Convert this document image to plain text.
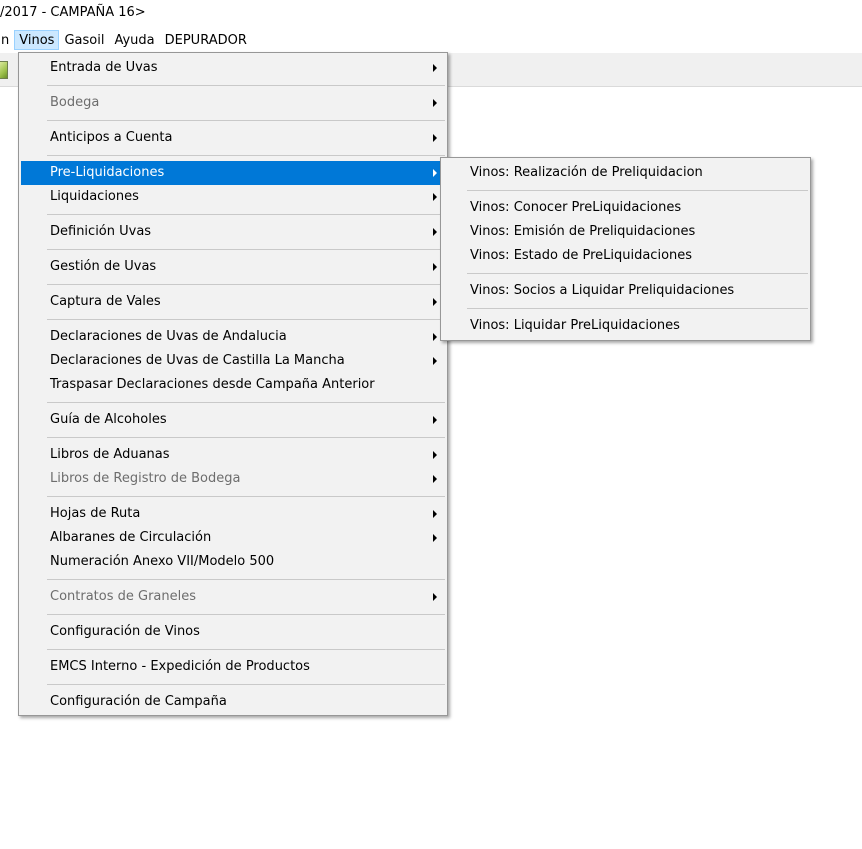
/2017 - CAMPAÑA 16>
n Vinos Gasoil Ayuda DEPURADOR
Entrada de Uvas
Bodega
Anticipos a Cuenta
Pre-Liquidaciones
Liquidaciones
Definición Uvas
Gestión de Uvas
Captura de Vales
Declaraciones de Uvas de Andalucia
Declaraciones de Uvas de Castilla La Mancha
Traspasar Declaraciones desde Campaña Anterior
Guía de Alcoholes
Libros de Aduanas
Libros de Registro de Bodega
Hojas de Ruta
Albaranes de Circulación
Numeración Anexo VII/Modelo 500
Contratos de Graneles
Configuración de Vinos
EMCS Interno - Expedición de Productos
Configuración de Campaña
Vinos: Realización de Preliquidacion
Vinos: Conocer PreLiquidaciones
Vinos: Emisión de Preliquidaciones
Vinos: Estado de PreLiquidaciones
Vinos: Socios a Liquidar Preliquidaciones
Vinos: Liquidar PreLiquidaciones
